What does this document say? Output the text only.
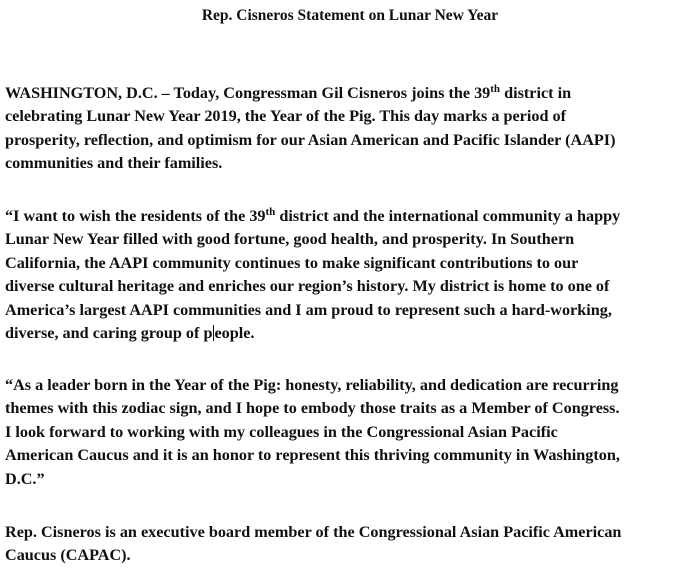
Rep. Cisneros Statement on Lunar New Year
WASHINGTON, D.C. – Today, Congressman Gil Cisneros joins the 39th district in
celebrating Lunar New Year 2019, the Year of the Pig. This day marks a period of
prosperity, reflection, and optimism for our Asian American and Pacific Islander (AAPI)
communities and their families.
“I want to wish the residents of the 39th district and the international community a happy
Lunar New Year filled with good fortune, good health, and prosperity. In Southern
California, the AAPI community continues to make significant contributions to our
diverse cultural heritage and enriches our region’s history. My district is home to one of
America’s largest AAPI communities and I am proud to represent such a hard-working,
diverse, and caring group of p eople.
“As a leader born in the Year of the Pig: honesty, reliability, and dedication are recurring
themes with this zodiac sign, and I hope to embody those traits as a Member of Congress.
I look forward to working with my colleagues in the Congressional Asian Pacific
American Caucus and it is an honor to represent this thriving community in Washington,
D.C.”
Rep. Cisneros is an executive board member of the Congressional Asian Pacific American
Caucus (CAPAC).
